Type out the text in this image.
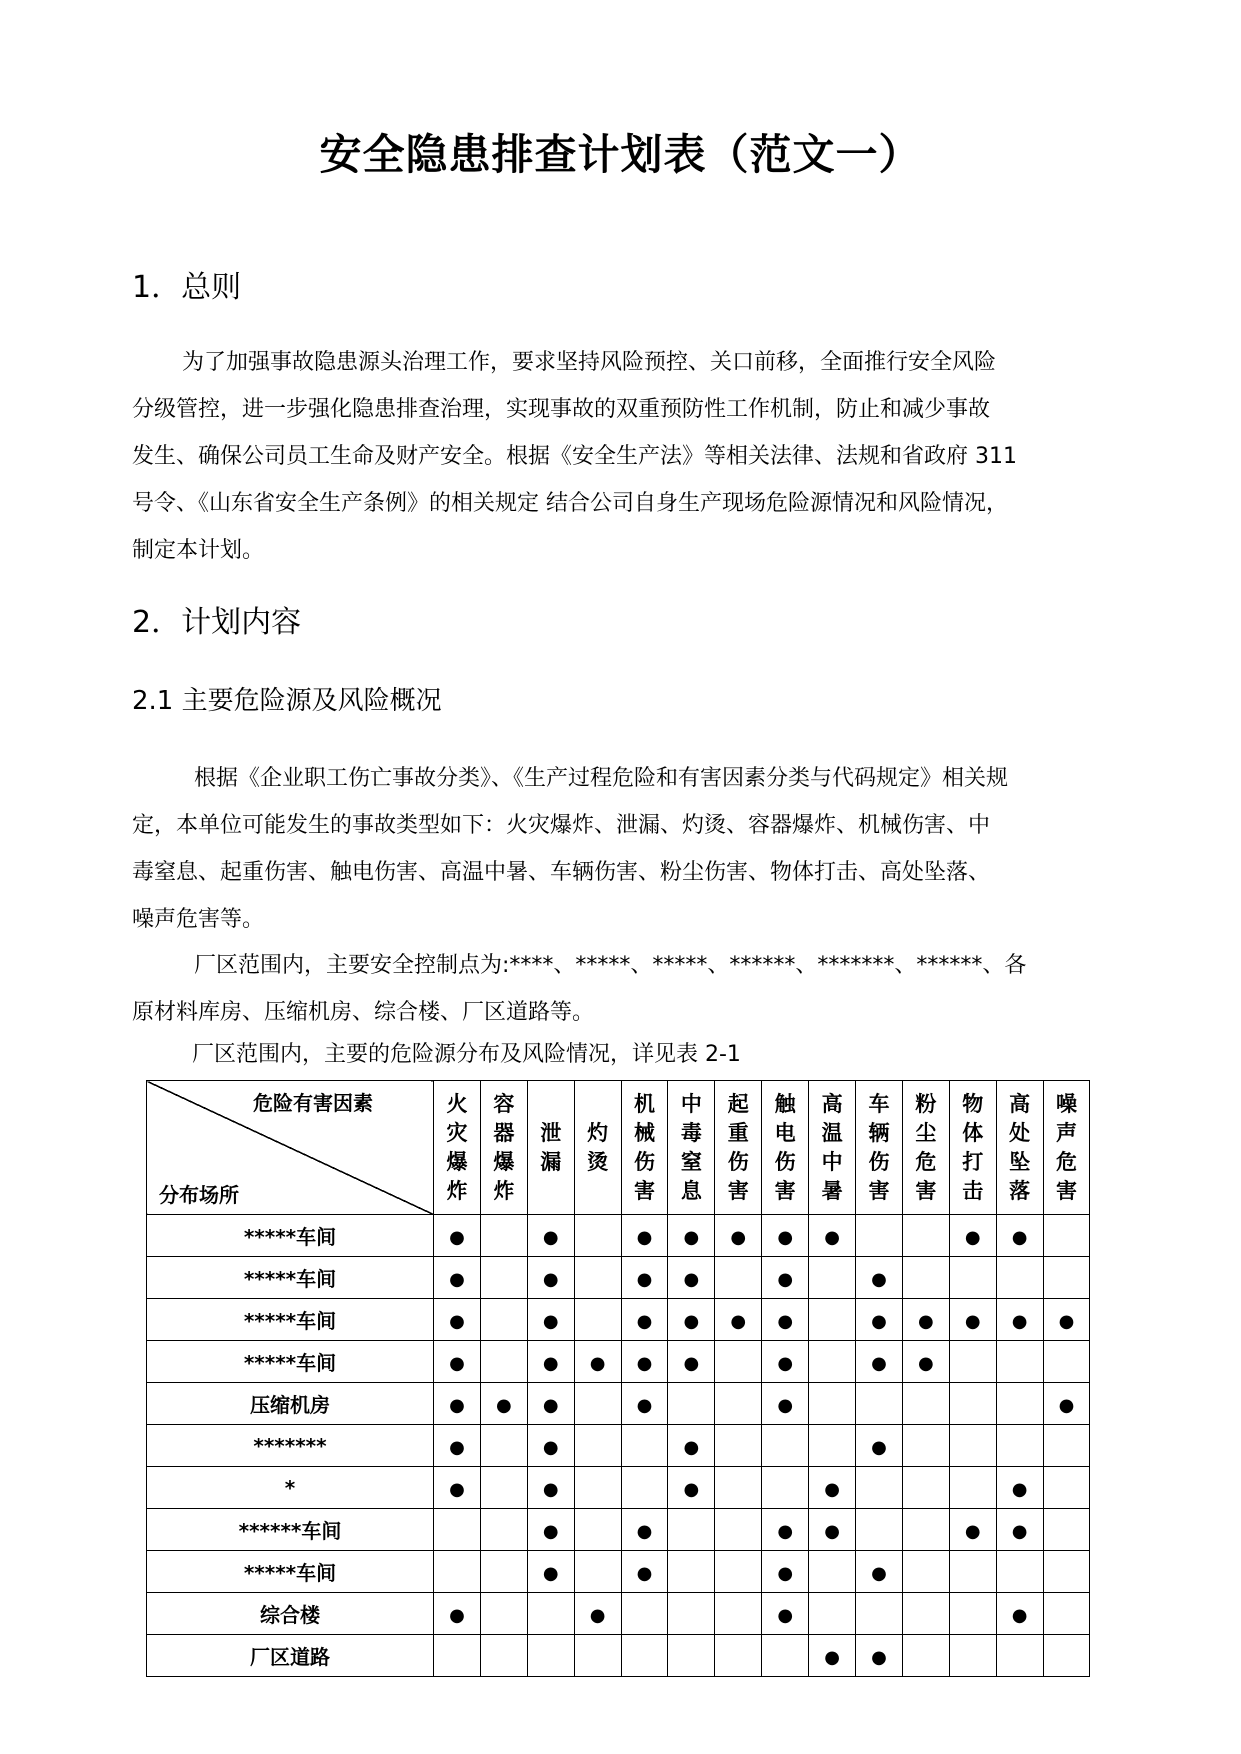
安全隐患排查计划表（范文一）
1．总则

为了加强事故隐患源头治理工作，要求坚持风险预控、关口前移，全面推行安全风险
分级管控，进一步强化隐患排查治理，实现事故的双重预防性工作机制，防止和减少事故
发生、确保公司员工生命及财产安全。根据《安全生产法》等相关法律、法规和省政府 311
号令、《山东省安全生产条例》的相关规定 结合公司自身生产现场危险源情况和风险情况，
制定本计划。

2．计划内容
2.1 主要危险源及风险概况

根据《企业职工伤亡事故分类》、《生产过程危险和有害因素分类与代码规定》相关规
定，本单位可能发生的事故类型如下：火灾爆炸、泄漏、灼烫、容器爆炸、机械伤害、中
毒窒息、起重伤害、触电伤害、高温中暑、车辆伤害、粉尘伤害、物体打击、高处坠落、
噪声危害等。

厂区范围内，主要安全控制点为:****、*****、*****、******、*******、******、各
原材料库房、压缩机房、综合楼、厂区道路等。

厂区范围内，主要的危险源分布及风险情况，详见表 2-1
危险有害因素
分布场所	火灾爆炸	容器爆炸	泄漏	灼烫	机械伤害	中毒窒息	起重伤害	触电伤害	高温中暑	车辆伤害	粉尘危害	物体打击	高处坠落	噪声危害

*****车间	●		●		●	●	●	●	●			●	●	
*****车间	●		●		●	●		●		●				
*****车间	●		●		●	●	●	●		●	●	●	●	●
*****车间	●		●	●	●	●		●		●	●			
压缩机房	●	●	●		●			●						●
*******	●		●			●				●				
*	●		●			●			●				●	
******车间			●		●			●	●			●	●	
*****车间			●		●			●		●				
综合楼	●			●				●					●	
厂区道路									●	●				
